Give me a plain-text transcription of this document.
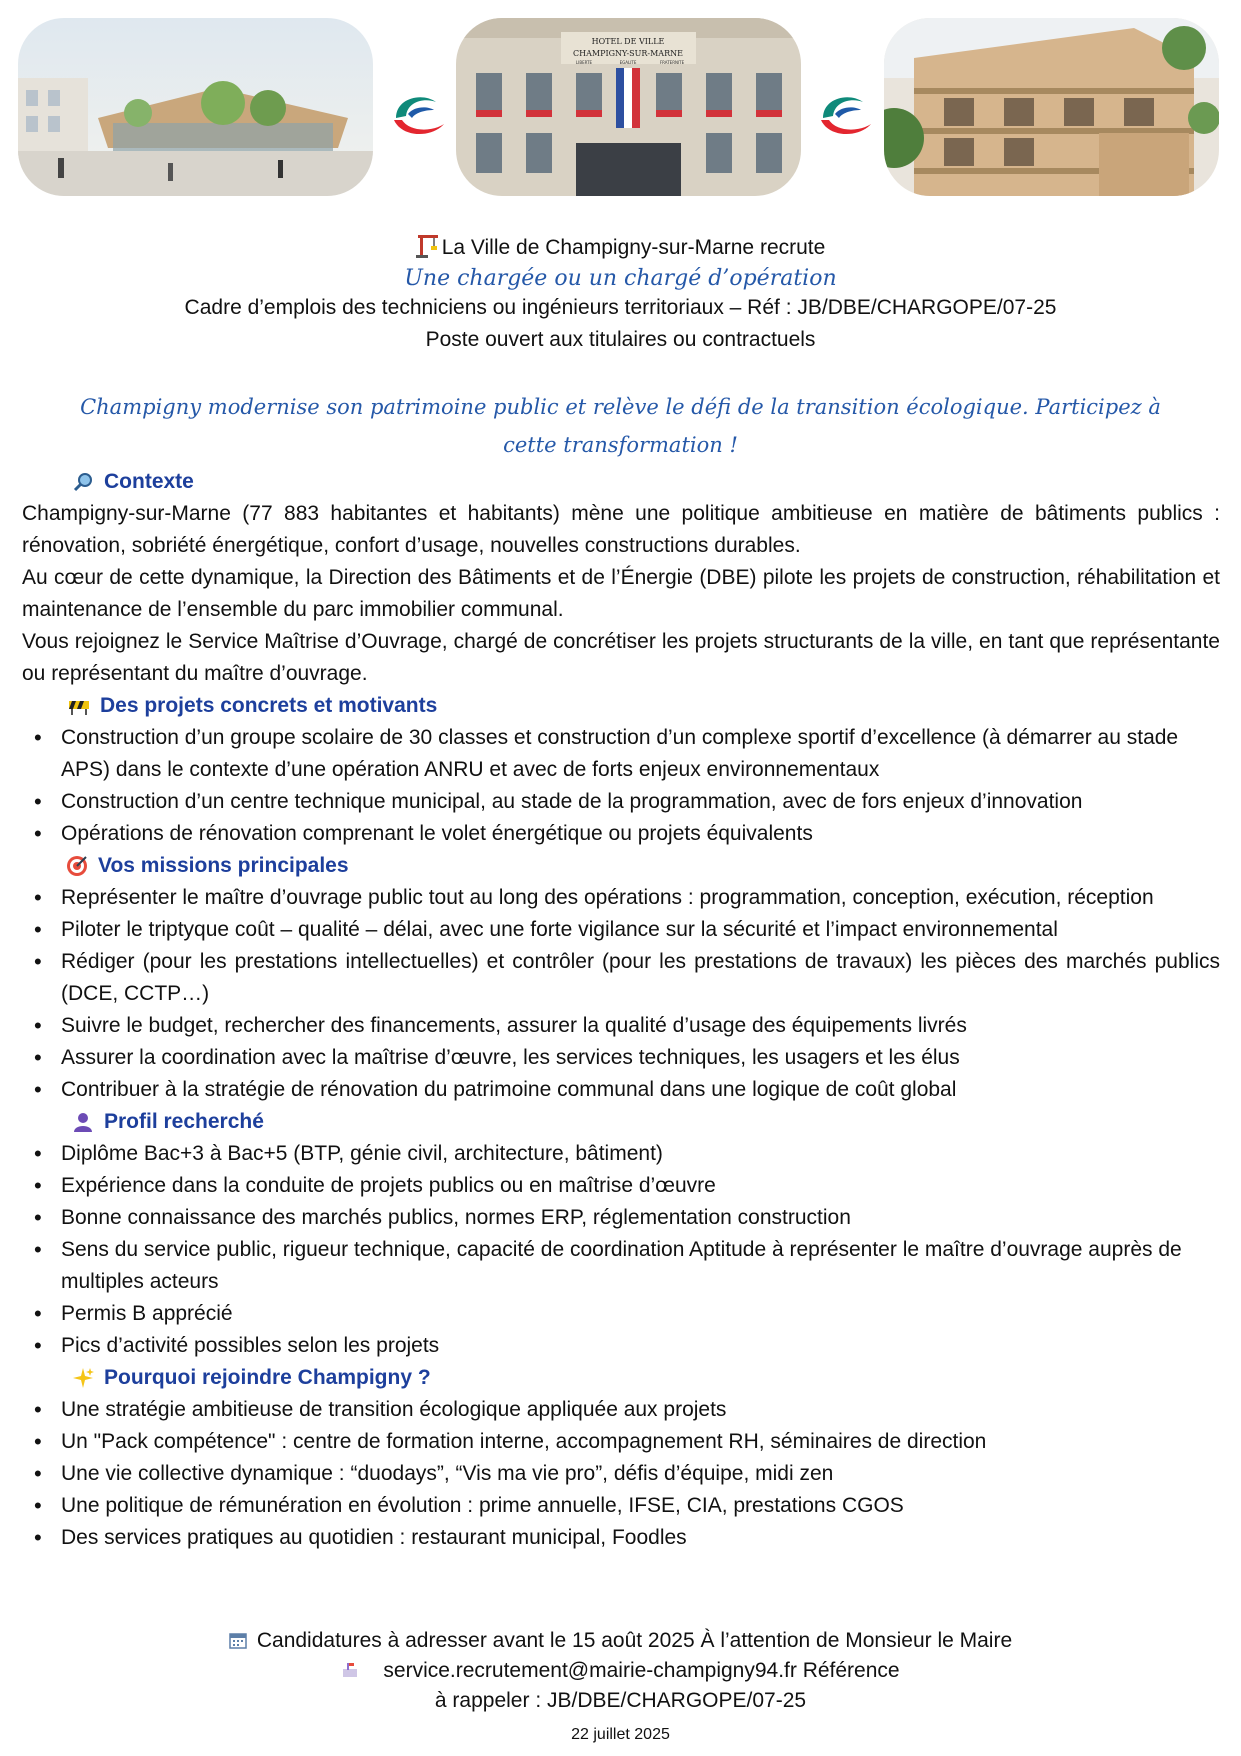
HOTEL DE VILLE
CHAMPIGNY-SUR-MARNE
LIBERTE	EGALITE	FRATERNITE
La Ville de Champigny-sur-Marne recrute
Une chargée ou un chargé d’opération
Cadre d’emplois des techniciens ou ingénieurs territoriaux – Réf : JB/DBE/CHARGOPE/07-25
Poste ouvert aux titulaires ou contractuels
Champigny modernise son patrimoine public et relève le défi de la transition écologique. Participez à cette transformation !
Contexte

Champigny-sur-Marne (77 883 habitantes et habitants) mène une politique ambitieuse en matière de bâtiments publics : rénovation, sobriété énergétique, confort d’usage, nouvelles constructions durables.

Au cœur de cette dynamique, la Direction des Bâtiments et de l’Énergie (DBE) pilote les projets de construction, réhabilitation et maintenance de l’ensemble du parc immobilier communal.

Vous rejoignez le Service Maîtrise d’Ouvrage, chargé de concrétiser les projets structurants de la ville, en tant que représentante ou représentant du maître d’ouvrage.

Des projets concrets et motivants
• Construction d’un groupe scolaire de 30 classes et construction d’un complexe sportif d’excellence (à démarrer au stade APS) dans le contexte d’une opération ANRU et avec de forts enjeux environnementaux
• Construction d’un centre technique municipal, au stade de la programmation, avec de fors enjeux d’innovation
• Opérations de rénovation comprenant le volet énergétique ou projets équivalents
Vos missions principales
• Représenter le maître d’ouvrage public tout au long des opérations : programmation, conception, exécution, réception
• Piloter le triptyque coût – qualité – délai, avec une forte vigilance sur la sécurité et l’impact environnemental
• Rédiger (pour les prestations intellectuelles) et contrôler (pour les prestations de travaux) les pièces des marchés publics (DCE, CCTP…)
• Suivre le budget, rechercher des financements, assurer la qualité d’usage des équipements livrés
• Assurer la coordination avec la maîtrise d’œuvre, les services techniques, les usagers et les élus
• Contribuer à la stratégie de rénovation du patrimoine communal dans une logique de coût global
Profil recherché
• Diplôme Bac+3 à Bac+5 (BTP, génie civil, architecture, bâtiment)
• Expérience dans la conduite de projets publics ou en maîtrise d’œuvre
• Bonne connaissance des marchés publics, normes ERP, réglementation construction
• Sens du service public, rigueur technique, capacité de coordination Aptitude à représenter le maître d’ouvrage auprès de multiples acteurs
• Permis B apprécié
• Pics d’activité possibles selon les projets
Pourquoi rejoindre Champigny ?
• Une stratégie ambitieuse de transition écologique appliquée aux projets
• Un "Pack compétence" : centre de formation interne, accompagnement RH, séminaires de direction
• Une vie collective dynamique : “duodays”, “Vis ma vie pro”, défis d’équipe, midi zen
• Une politique de rémunération en évolution : prime annuelle, IFSE, CIA, prestations CGOS
• Des services pratiques au quotidien : restaurant municipal, Foodles
Candidatures à adresser avant le 15 août 2025 À l’attention de Monsieur le Maire
service.recrutement@mairie-champigny94.fr Référence
à rappeler : JB/DBE/CHARGOPE/07-25
22 juillet 2025
